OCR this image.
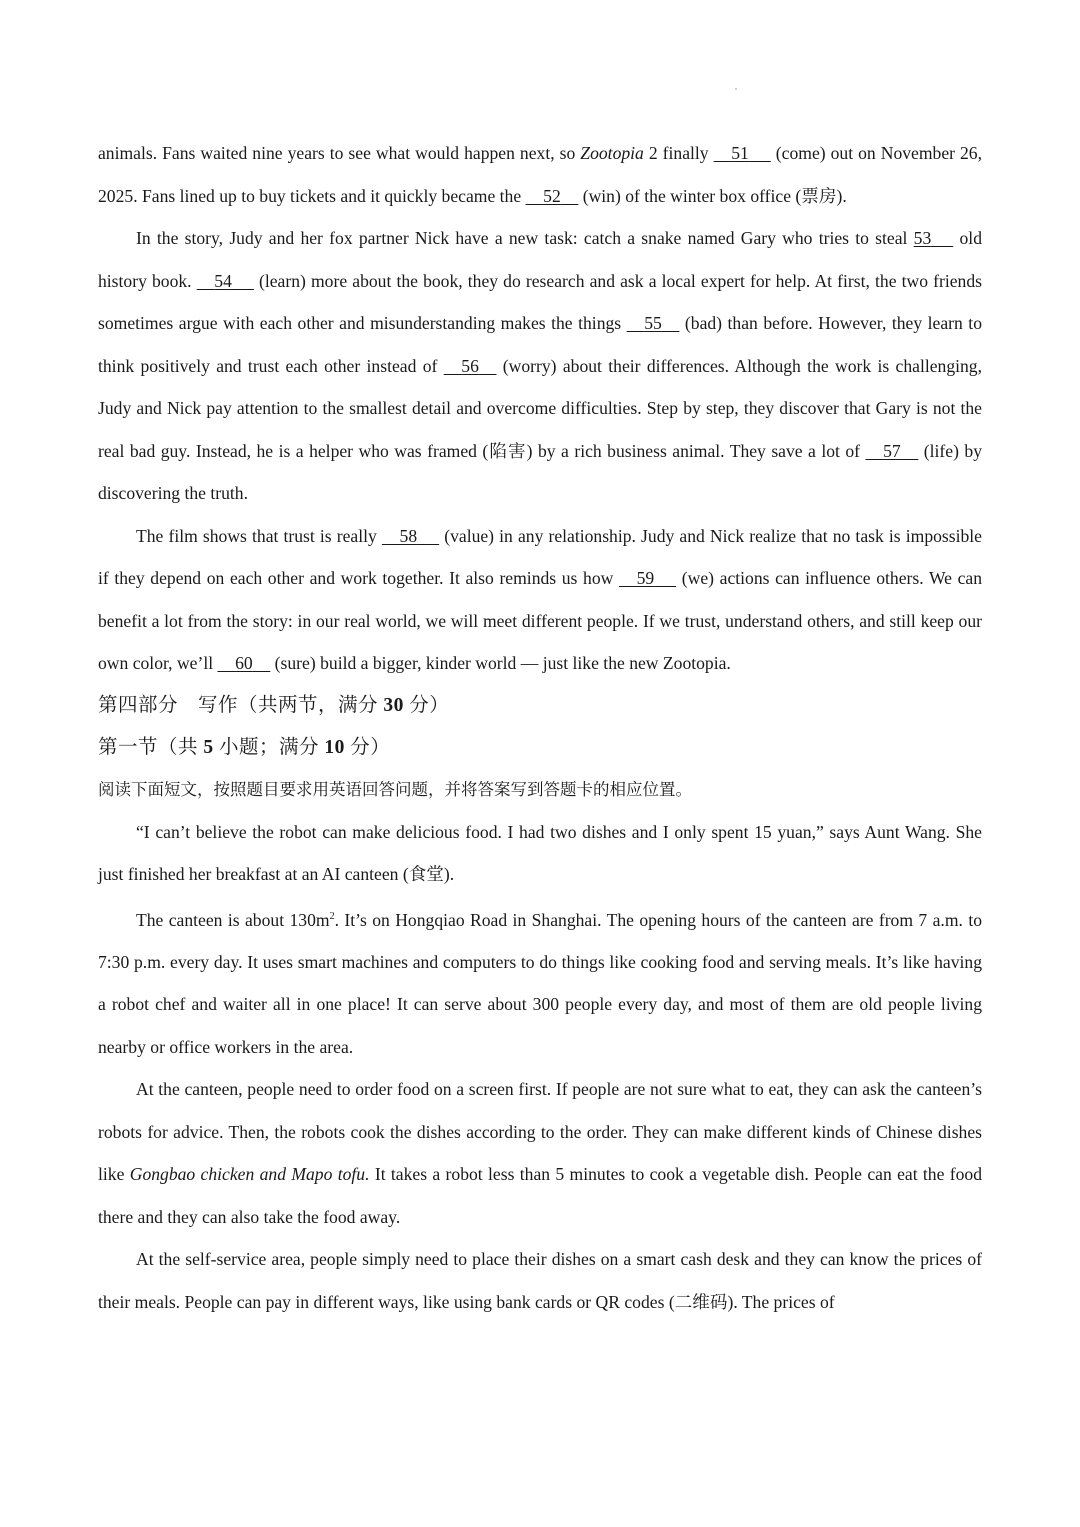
animals. Fans waited nine years to see what would happen next, so Zootopia 2 finally     51      (come) out on November 26, 2025. Fans lined up to buy tickets and it quickly became the     52     (win) of the winter box office (票房).

In the story, Judy and her fox partner Nick have a new task: catch a snake named Gary who tries to steal 53      old history book.     54      (learn) more about the book, they do research and ask a local expert for help. At first, the two friends sometimes argue with each other and misunderstanding makes the things     55     (bad) than before. However, they learn to think positively and trust each other instead of     56     (worry) about their differences. Although the work is challenging, Judy and Nick pay attention to the smallest detail and overcome difficulties. Step by step, they discover that Gary is not the real bad guy. Instead, he is a helper who was framed (陷害) by a rich business animal. They save a lot of     57     (life) by discovering the truth.

The film shows that trust is really     58      (value) in any relationship. Judy and Nick realize that no task is impossible if they depend on each other and work together. It also reminds us how     59      (we) actions can influence others. We can benefit a lot from the story: in our real world, we will meet different people. If we trust, understand others, and still keep our own color, we’ll     60     (sure) build a bigger, kinder world — just like the new Zootopia.

第四部分　写作（共两节，满分 30 分）

第一节（共 5 小题；满分 10 分）

阅读下面短文，按照题目要求用英语回答问题，并将答案写到答题卡的相应位置。

“I can’t believe the robot can make delicious food. I had two dishes and I only spent 15 yuan,” says Aunt Wang. She just finished her breakfast at an AI canteen (食堂).

The canteen is about $130m^2$. It’s on Hongqiao Road in Shanghai. The opening hours of the canteen are from 7 a.m. to 7:30 p.m. every day. It uses smart machines and computers to do things like cooking food and serving meals. It’s like having a robot chef and waiter all in one place! It can serve about 300 people every day, and most of them are old people living nearby or office workers in the area.

At the canteen, people need to order food on a screen first. If people are not sure what to eat, they can ask the canteen’s robots for advice. Then, the robots cook the dishes according to the order. They can make different kinds of Chinese dishes like Gongbao chicken and Mapo tofu. It takes a robot less than 5 minutes to cook a vegetable dish. People can eat the food there and they can also take the food away.

At the self-service area, people simply need to place their dishes on a smart cash desk and they can know the prices of their meals. People can pay in different ways, like using bank cards or QR codes (二维码). The prices of
